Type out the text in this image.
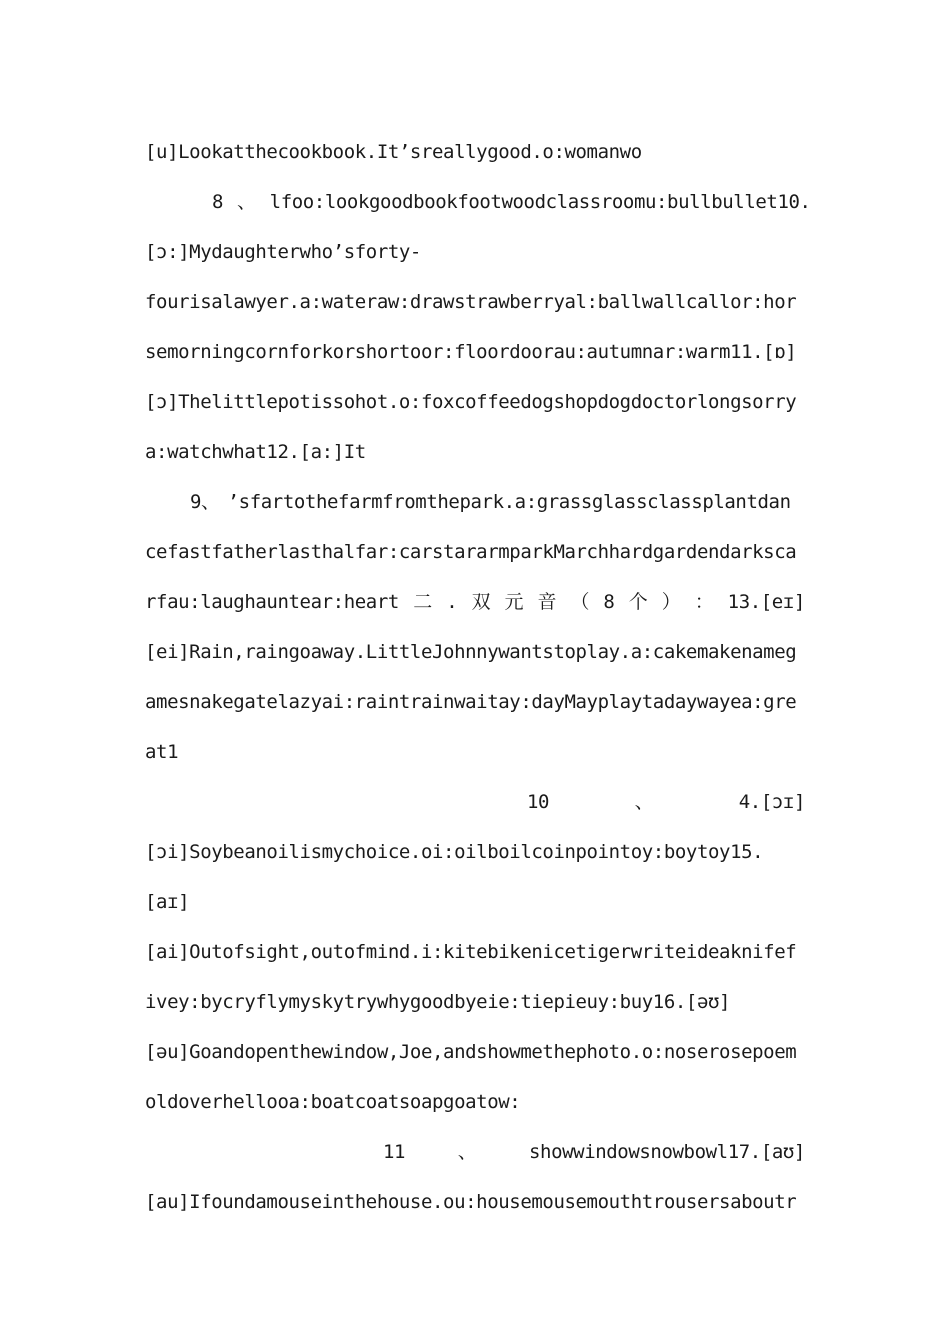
[u]Lookatthecookbook.It’sreallygood.o:womanwo
8 、 lfoo:lookgoodbookfootwoodclassroomu:bullbullet10.
[ɔ:]Mydaughterwho’sforty-
fourisalawyer.a:wateraw:drawstrawberryal:ballwallcallor:hor
semorningcornforkorshortoor:floordoorau:autumnar:warm11.[ɒ]
[ɔ]Thelittlepotissohot.o:foxcoffeedogshopdogdoctorlongsorry
a:watchwhat12.[a:]It
9、 ’sfartothefarmfromthepark.a:grassglassclassplantdan
cefastfatherlasthalfar:carstararmparkMarchhardgardendarksca
rfau:laughauntear:heart 二 . 双 元 音 （ 8 个 ） ： 13.[eɪ]
[ei]Rain,raingoaway.LittleJohnnywantstoplay.a:cakemakenameg
amesnakegatelazyai:raintrainwaitay:dayMayplaytadaywayea:gre
at1
10	、	4.[ɔɪ]
[ɔi]Soybeanoilismychoice.oi:oilboilcoinpointoy:boytoy15.
[aɪ]
[ai]Outofsight,outofmind.i:kitebikenicetigerwriteideaknifef
ivey:bycryflymyskytrywhygoodbyeie:tiepieuy:buy16.[əʊ]
[əu]Goandopenthewindow,Joe,andshowmethephoto.o:noserosepoem
oldoverhellooa:boatcoatsoapgoatow:
11	、	showwindowsnowbowl17.[aʊ]
[au]Ifoundamouseinthehouse.ou:housemousemouthtrousersaboutr
